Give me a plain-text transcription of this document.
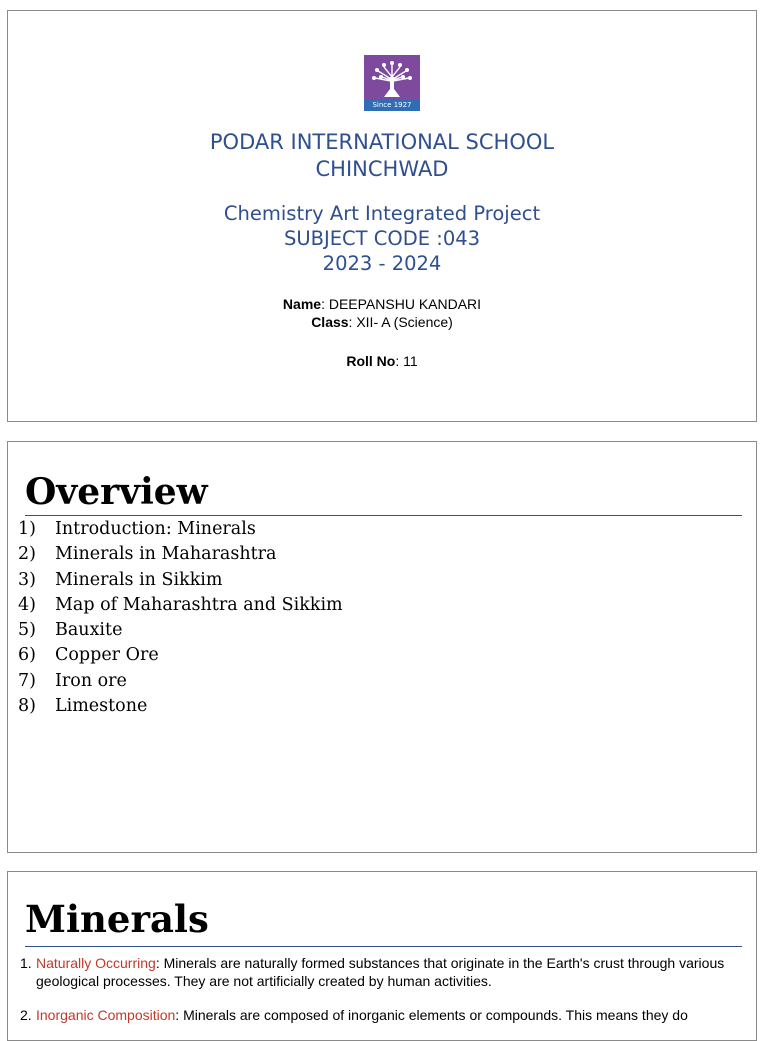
Since 1927
PODAR INTERNATIONAL SCHOOL
CHINCHWAD
Chemistry Art Integrated Project
SUBJECT CODE :043
2023 - 2024
Name: DEEPANSHU KANDARI
Class: XII- A (Science)
Roll No: 11
Overview
1)	Introduction: Minerals
2)	Minerals in Maharashtra
3)	Minerals in Sikkim
4)	Map of Maharashtra and Sikkim
5)	Bauxite
6)	Copper Ore
7)	Iron ore
8)	Limestone
Minerals
1. Naturally Occurring: Minerals are naturally formed substances that originate in the Earth's crust through various geological processes. They are not artificially created by human activities.
2. Inorganic Composition: Minerals are composed of inorganic elements or compounds. This means they do
